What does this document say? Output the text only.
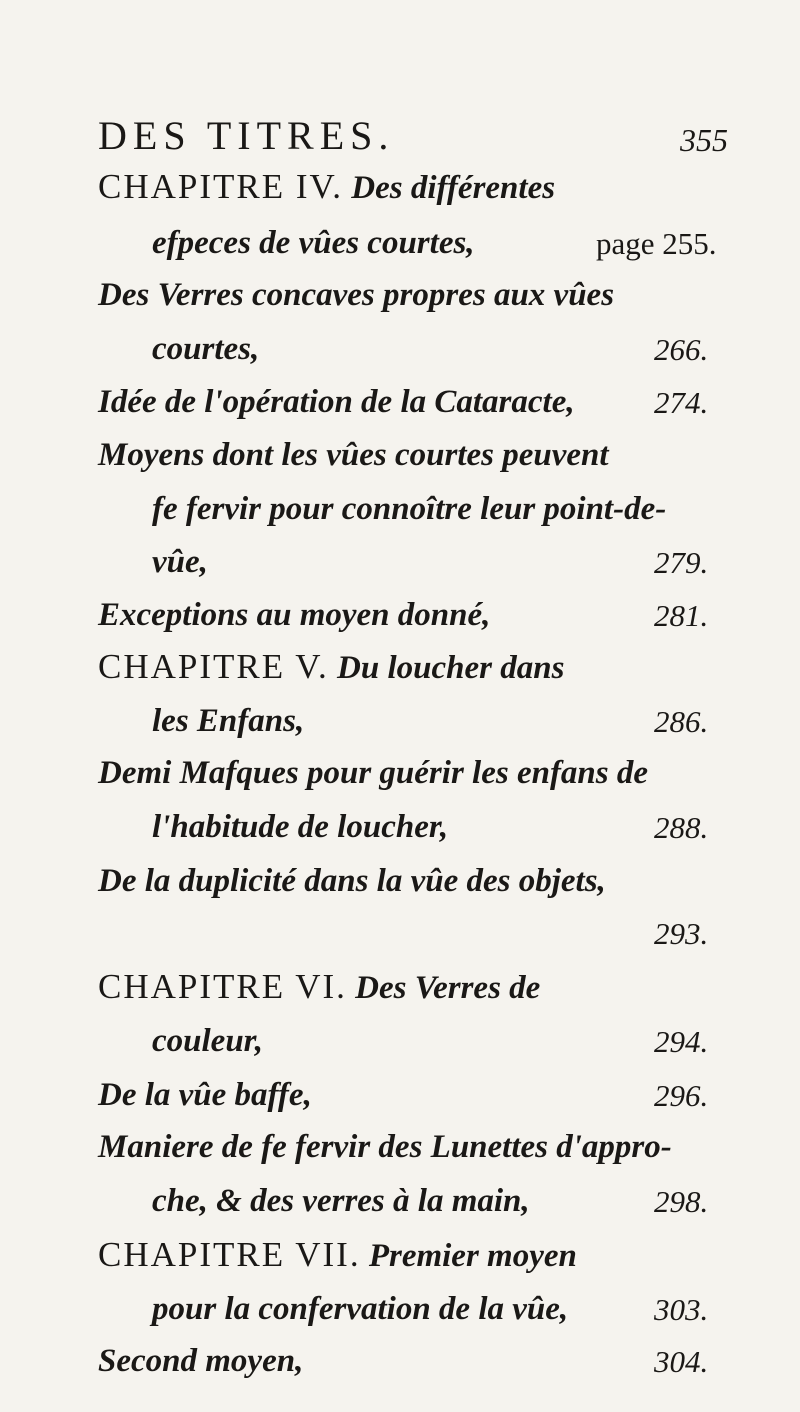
DES TITRES.	355
CHAPITRE IV. Des différentes
efpeces de vûes courtes,	page 255.
Des Verres concaves propres aux vûes
courtes,	266.
Idée de l'opération de la Cataracte,	274.
Moyens dont les vûes courtes peuvent
fe fervir pour connoître leur point-de-
vûe,	279.
Exceptions au moyen donné,	281.
CHAPITRE V. Du loucher dans
les Enfans,	286.
Demi Mafques pour guérir les enfans de
l'habitude de loucher,	288.
De la duplicité dans la vûe des objets,
293.
CHAPITRE VI. Des Verres de
couleur,	294.
De la vûe baffe,	296.
Maniere de fe fervir des Lunettes d'appro-
che, & des verres à la main,	298.
CHAPITRE VII. Premier moyen
pour la confervation de la vûe,	303.
Second moyen,	304.
